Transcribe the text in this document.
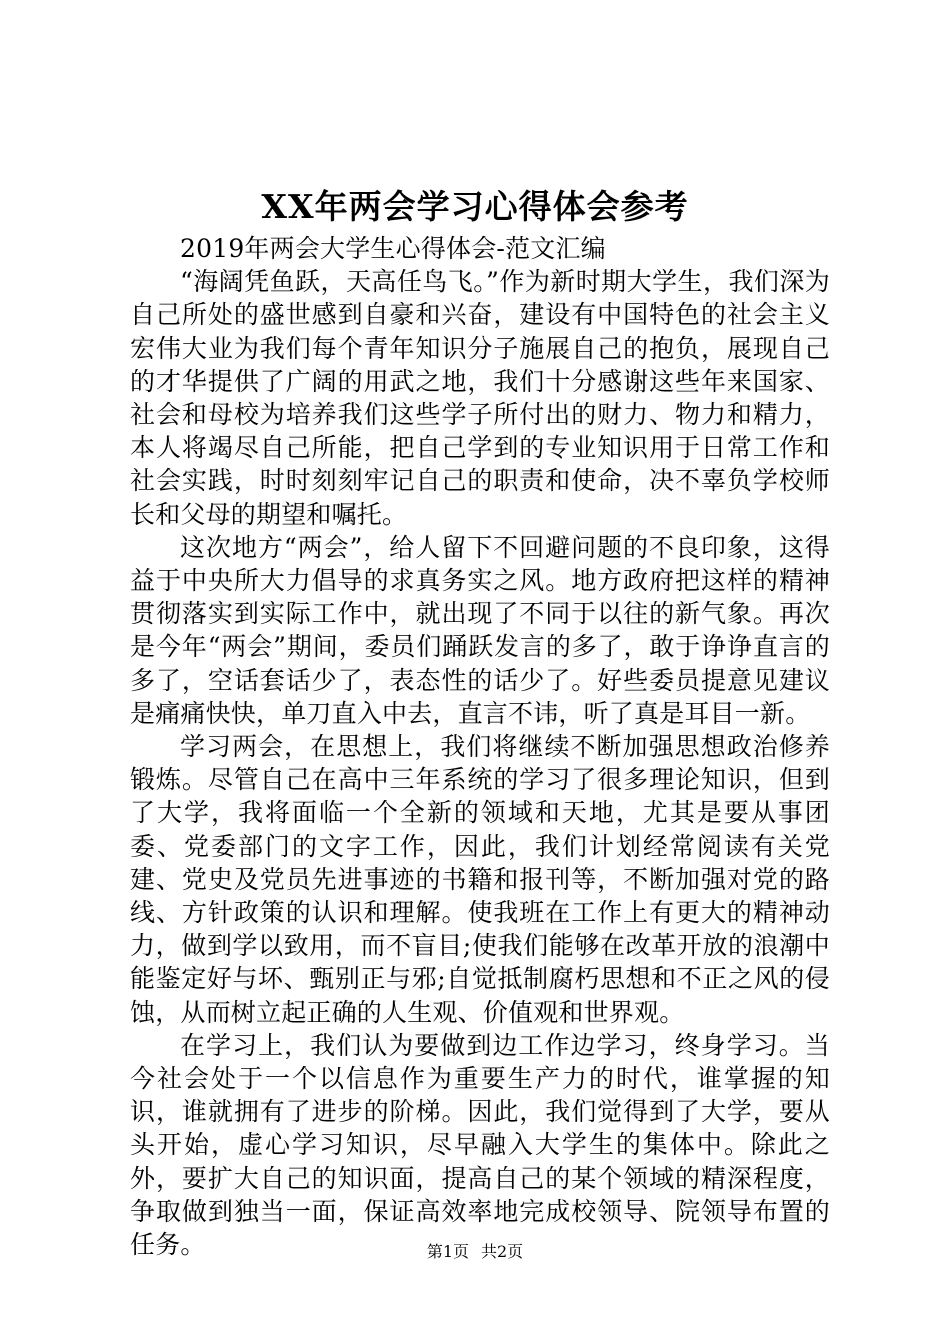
XX年两会学习心得体会参考

2019年两会大学生心得体会-范文汇编

“海阔凭鱼跃，天高任鸟飞。”作为新时期大学生，我们深为自己所处的盛世感到自豪和兴奋，建设有中国特色的社会主义宏伟大业为我们每个青年知识分子施展自己的抱负，展现自己的才华提供了广阔的用武之地，我们十分感谢这些年来国家、社会和母校为培养我们这些学子所付出的财力、物力和精力，本人将竭尽自己所能，把自己学到的专业知识用于日常工作和社会实践，时时刻刻牢记自己的职责和使命，决不辜负学校师长和父母的期望和嘱托。

这次地方“两会”，给人留下不回避问题的不良印象，这得益于中央所大力倡导的求真务实之风。地方政府把这样的精神贯彻落实到实际工作中，就出现了不同于以往的新气象。再次是今年“两会”期间，委员们踊跃发言的多了，敢于诤诤直言的多了，空话套话少了，表态性的话少了。好些委员提意见建议是痛痛快快，单刀直入中去，直言不讳，听了真是耳目一新。

学习两会，在思想上，我们将继续不断加强思想政治修养锻炼。尽管自己在高中三年系统的学习了很多理论知识，但到了大学，我将面临一个全新的领域和天地，尤其是要从事团委、党委部门的文字工作，因此，我们计划经常阅读有关党建、党史及党员先进事迹的书籍和报刊等，不断加强对党的路线、方针政策的认识和理解。使我班在工作上有更大的精神动力，做到学以致用，而不盲目;使我们能够在改革开放的浪潮中能鉴定好与坏、甄别正与邪;自觉抵制腐朽思想和不正之风的侵蚀，从而树立起正确的人生观、价值观和世界观。

在学习上，我们认为要做到边工作边学习，终身学习。当今社会处于一个以信息作为重要生产力的时代，谁掌握的知识，谁就拥有了进步的阶梯。因此，我们觉得到了大学，要从头开始，虚心学习知识，尽早融入大学生的集体中。除此之外，要扩大自己的知识面，提高自己的某个领域的精深程度，争取做到独当一面，保证高效率地完成校领导、院领导布置的任务。	第1页 共2页
